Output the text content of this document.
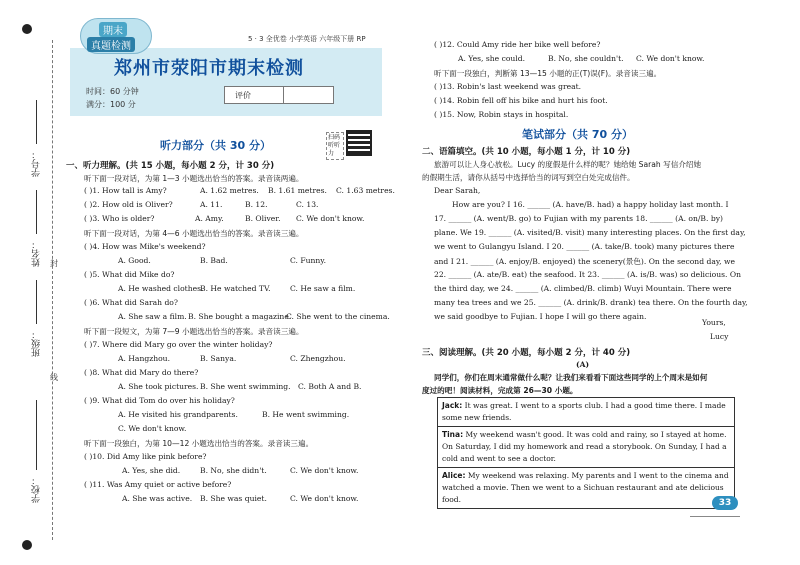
学号：
姓名： 封
班级：
线
学校：
郑州市荥阳市期末检测
期末
真题检测
5 · 3 全优卷 小学英语 六年级下册 RP
时间：60 分钟
满分：100 分
评价
听力部分（共 30 分）
扫码听听力
一、听力理解。(共 15 小题，每小题 2 分，计 30 分)
听下面一段对话，为第 1—3 小题选出恰当的答案。录音读两遍。
( )1. How tall is Amy?	A. 1.62 metres. B. 1.61 metres. C. 1.63 metres.
( )2. How old is Oliver?	A. 11.	B. 12.	C. 13.
( )3. Who is older?	A. Amy.	B. Oliver. C. We don't know.
听下面一段对话，为第 4—6 小题选出恰当的答案。录音读三遍。
( )4. How was Mike's weekend?
A. Good.	B. Bad.	C. Funny.
( )5. What did Mike do?
A. He washed clothes.
B. He watched TV.	C. He saw a film.
( )6. What did Sarah do?
A. She saw a film. B. She bought a magazine.
C. She went to the cinema.
听下面一段短文，为第 7—9 小题选出恰当的答案。录音读三遍。
( )7. Where did Mary go over the winter holiday?
A. Hangzhou.	B. Sanya.	C. Zhengzhou.
( )8. What did Mary do there?
A. She took pictures. B. She went swimming. C. Both A and B.
( )9. What did Tom do over his holiday?
A. He visited his grandparents.	B. He went swimming.
C. We don't know.
听下面一段独白，为第 10—12 小题选出恰当的答案。录音读三遍。
( )10. Did Amy like pink before?
A. Yes, she did.	B. No, she didn't.	C. We don't know.
( )11. Was Amy quiet or active before?
A. She was active. B. She was quiet.	C. We don't know.
( )12. Could Amy ride her bike well before?
A. Yes, she could.	B. No, she couldn't. C. We don't know.
听下面一段独白，判断第 13—15 小题的正(T)误(F)。录音读三遍。
( )13. Robin's last weekend was great.
( )14. Robin fell off his bike and hurt his foot.
( )15. Now, Robin stays in hospital.
笔试部分（共 70 分）
二、语篇填空。(共 10 小题，每小题 1 分，计 10 分)
旅游可以让人身心放松。Lucy 的度假是什么样的呢？她给她 Sarah 写信介绍她
的假期生活，请你从括号中选择恰当的词写到空白处完成信件。
Dear Sarah,
How are you? I 16. ______ (A. have/B. had) a happy holiday last month. I
17. ______ (A. went/B. go) to Fujian with my parents 18. ______ (A. on/B. by)
plane. We 19. ______ (A. visited/B. visit) many interesting places. On the first day,
we went to Gulangyu Island. I 20. ______ (A. take/B. took) many pictures there
and I 21. ______ (A. enjoy/B. enjoyed) the scenery(景色). On the second day, we
22. ______ (A. ate/B. eat) the seafood. It 23. ______ (A. is/B. was) so delicious. On
the third day, we 24. ______ (A. climbed/B. climb) Wuyi Mountain. There were
many tea trees and we 25. ______ (A. drink/B. drank) tea there. On the fourth day,
we said goodbye to Fujian. I hope I will go there again.
Yours,
Lucy
三、阅读理解。(共 20 小题，每小题 2 分，计 40 分)
(A)
同学们，你们在周末通常做什么呢？让我们来看看下面这些同学的上个周末是如何
度过的吧！阅读材料，完成第 26—30 小题。
Jack: It was great. I went to a sports club. I had a good time there. I made some new friends.
Tina: My weekend wasn't good. It was cold and rainy, so I stayed at home. On Saturday, I did my homework and read a storybook. On Sunday, I had a cold and went to see a doctor.
Alice: My weekend was relaxing. My parents and I went to the cinema and watched a movie. Then we went to a Sichuan restaurant and ate delicious food.	33
